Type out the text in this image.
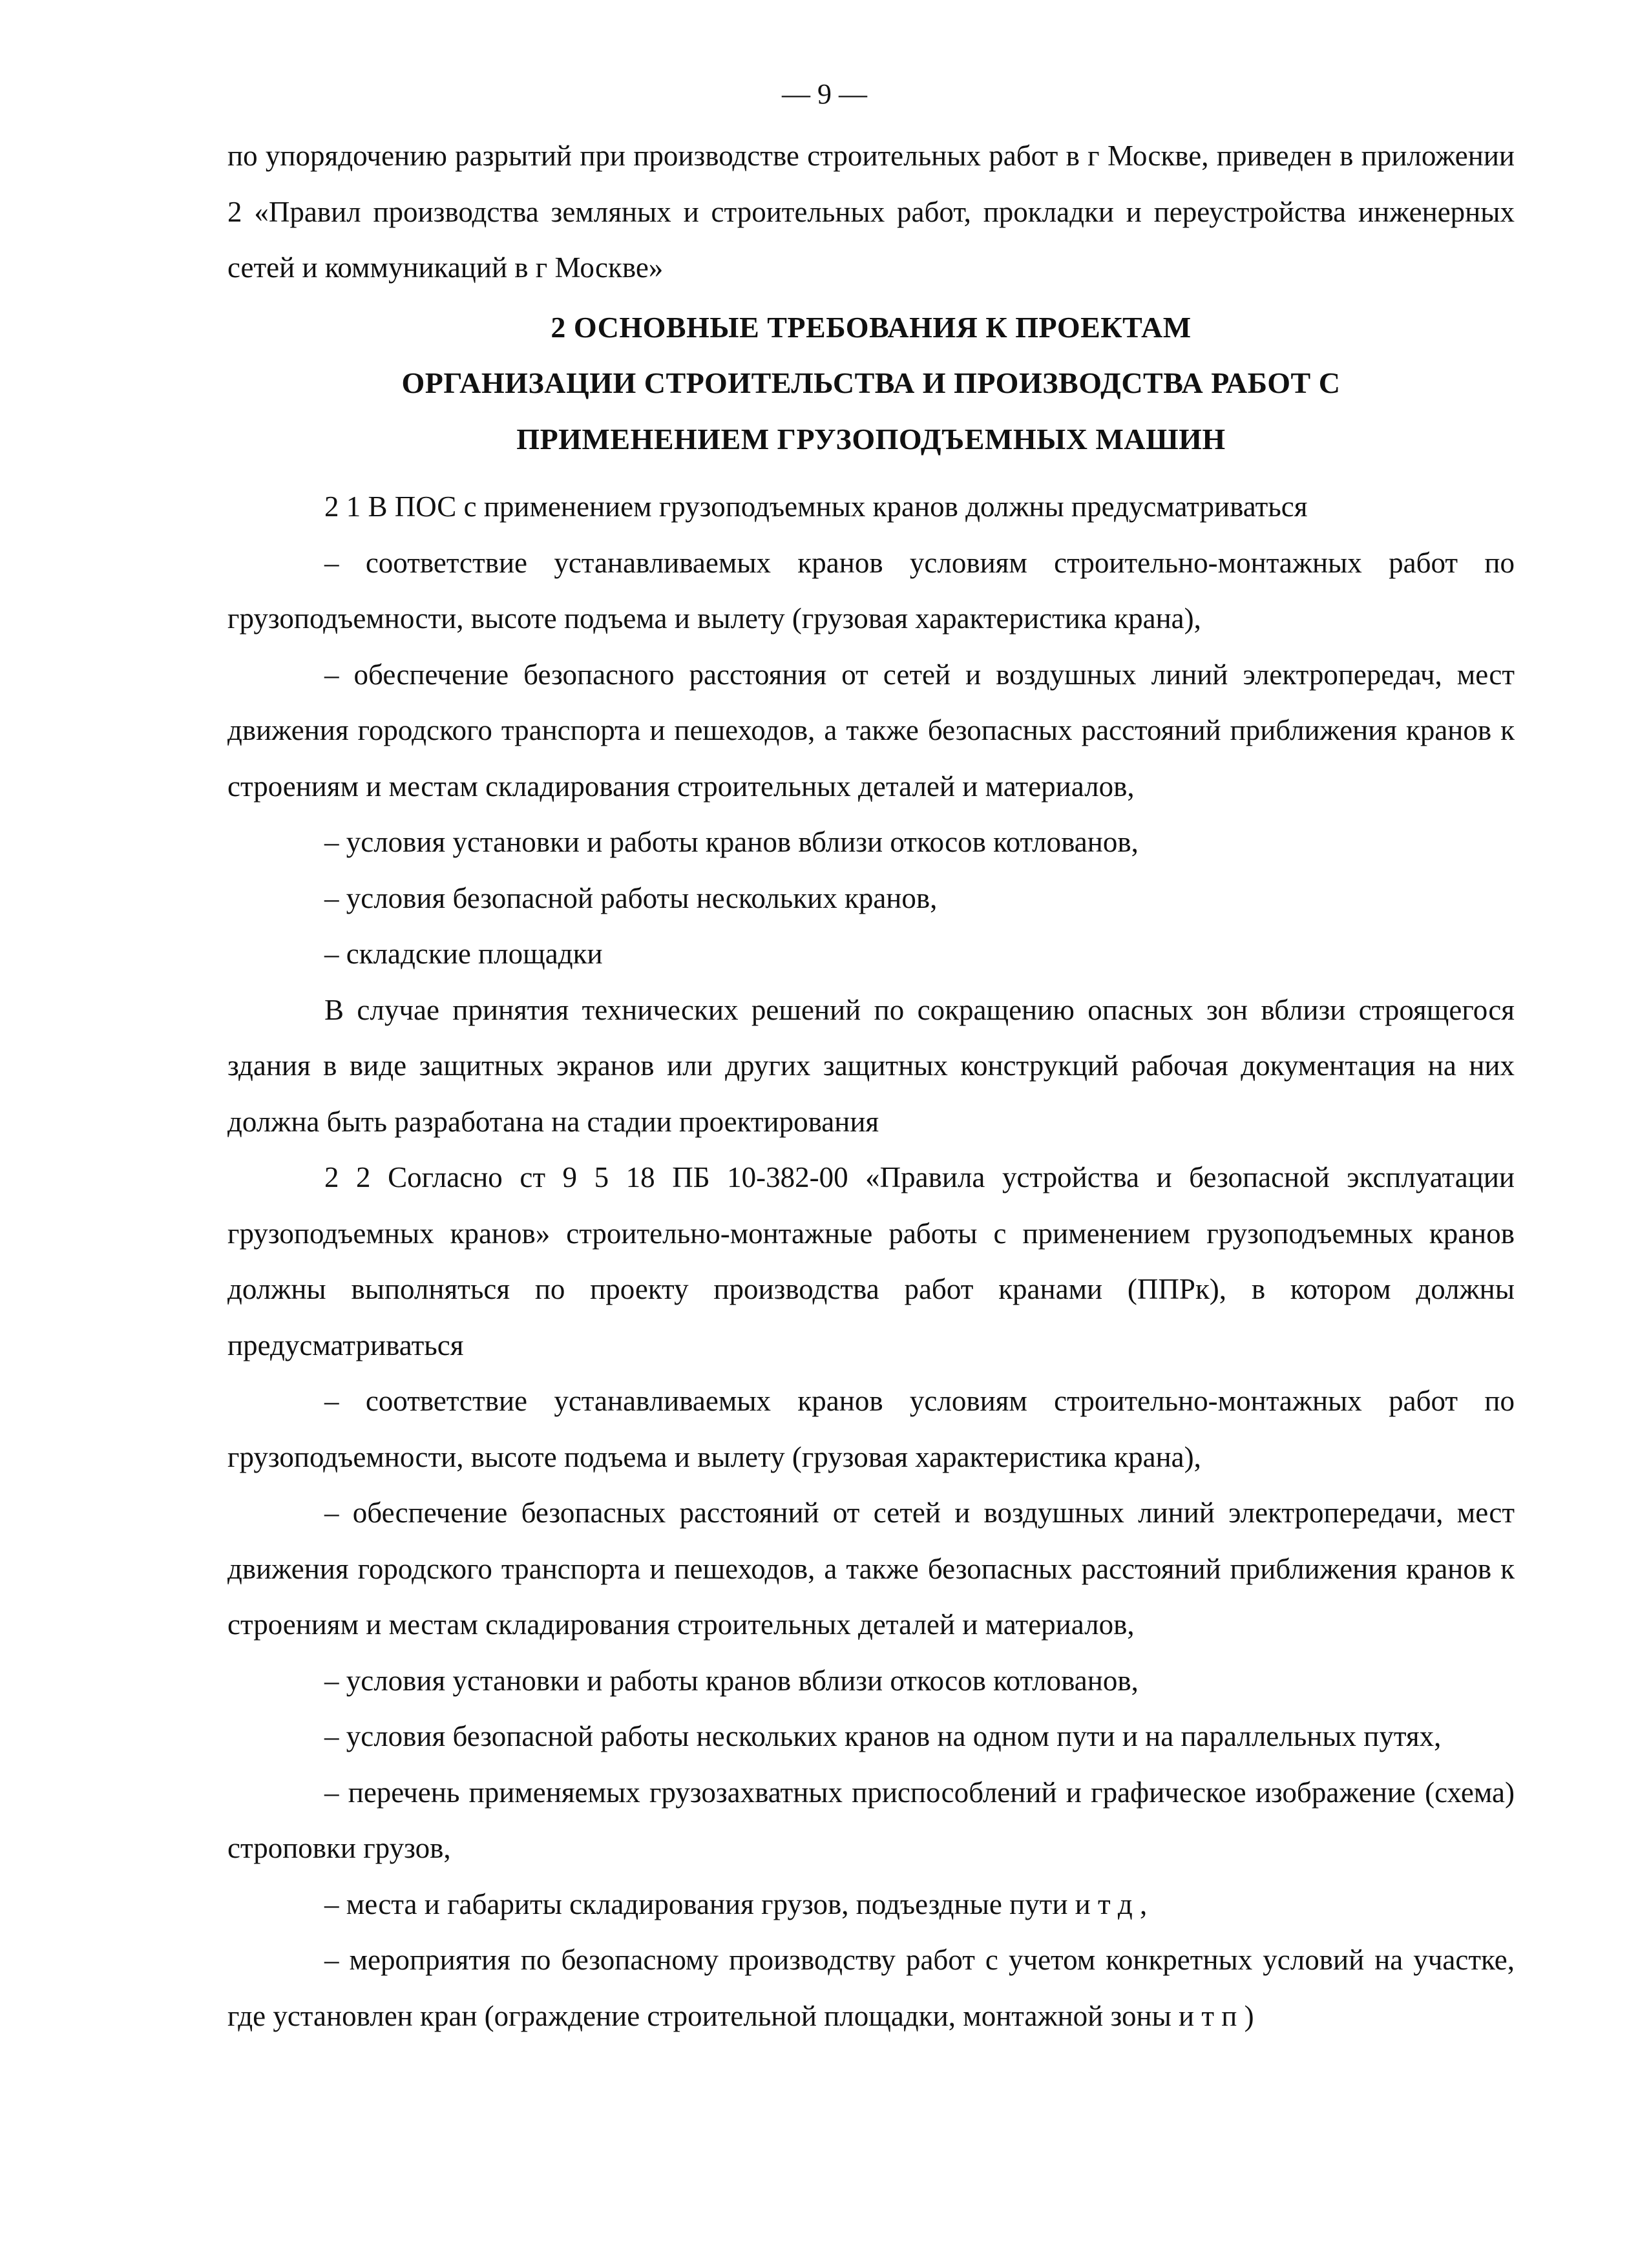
— 9 —

по упорядочению разрытий при производстве строительных работ в г Москве, приведен в приложении 2 «Правил производства земляных и строительных работ, прокладки и переустройства инженерных сетей и коммуникаций в г Москве»

2 ОСНОВНЫЕ ТРЕБОВАНИЯ К ПРОЕКТАМ

ОРГАНИЗАЦИИ СТРОИТЕЛЬСТВА И ПРОИЗВОДСТВА РАБОТ С

ПРИМЕНЕНИЕМ ГРУЗОПОДЪЕМНЫХ МАШИН

2 1 В ПОС с применением грузоподъемных кранов должны предусматриваться

– соответствие устанавливаемых кранов условиям строительно-монтажных работ по грузоподъемности, высоте подъема и вылету (грузовая характеристика крана),

– обеспечение безопасного расстояния от сетей и воздушных линий электропередач, мест движения городского транспорта и пешеходов, а также безопасных расстояний приближения кранов к строениям и местам складирования строительных деталей и материалов,

– условия установки и работы кранов вблизи откосов котлованов,

– условия безопасной работы нескольких кранов,

– складские площадки

В случае принятия технических решений по сокращению опасных зон вблизи строящегося здания в виде защитных экранов или других защитных конструкций рабочая документация на них должна быть разработана на стадии проектирования

2 2 Согласно ст 9 5 18 ПБ 10-382-00 «Правила устройства и безопасной эксплуатации грузоподъемных кранов» строительно-монтажные работы с применением грузоподъемных кранов должны выполняться по проекту производства работ кранами (ППРк), в котором должны предусматриваться

– соответствие устанавливаемых кранов условиям строительно-монтажных работ по грузоподъемности, высоте подъема и вылету (грузовая характеристика крана),

– обеспечение безопасных расстояний от сетей и воздушных линий электропередачи, мест движения городского транспорта и пешеходов, а также безопасных расстояний приближения кранов к строениям и местам складирования строительных деталей и материалов,

– условия установки и работы кранов вблизи откосов котлованов,

– условия безопасной работы нескольких кранов на одном пути и на параллельных путях,

– перечень применяемых грузозахватных приспособлений и графическое изображение (схема) строповки грузов,

– места и габариты складирования грузов, подъездные пути и т д ,

– мероприятия по безопасному производству работ с учетом конкретных условий на участке, где установлен кран (ограждение строительной площадки, монтажной зоны и т п )
